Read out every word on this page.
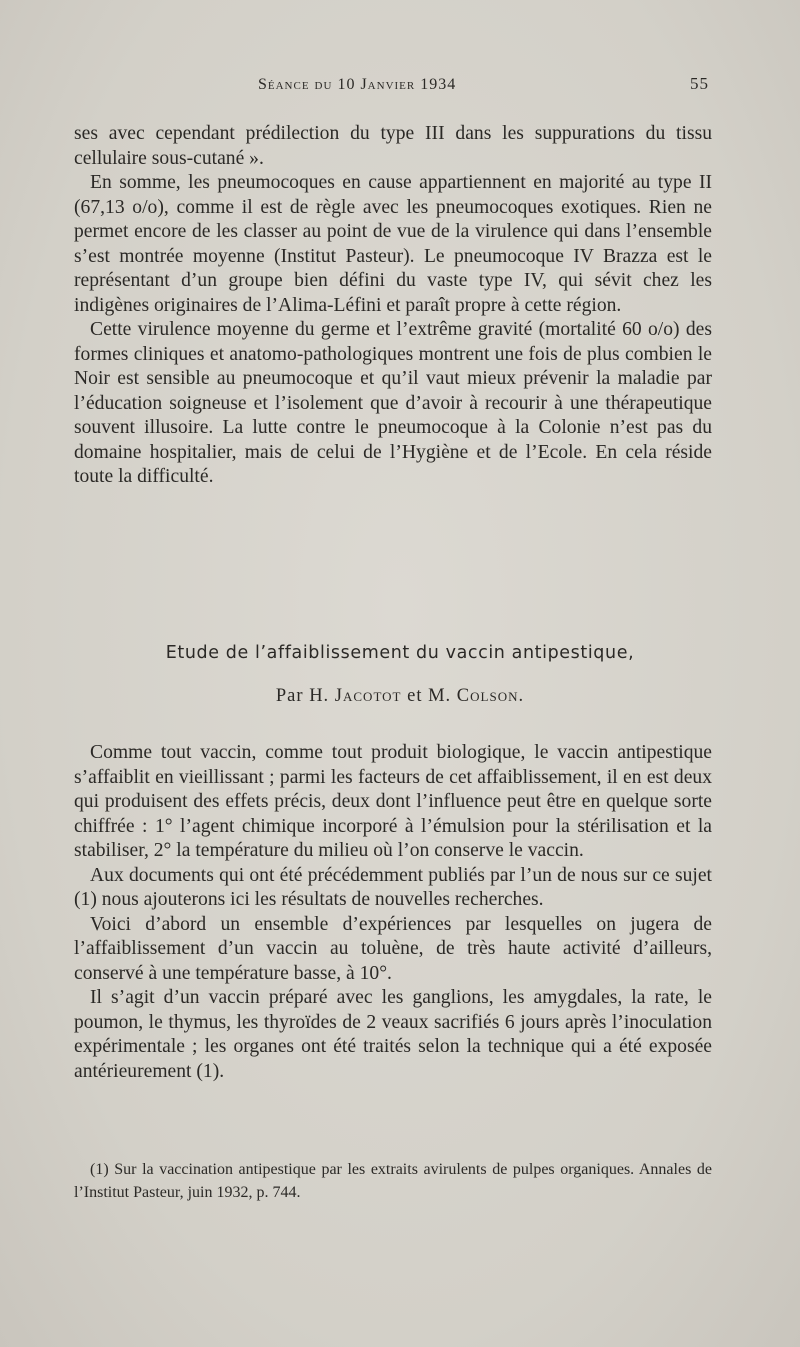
Séance du 10 Janvier 1934	55

ses avec cependant prédilection du type III dans les suppurations du tissu cellulaire sous-cutané ».

En somme, les pneumocoques en cause appartiennent en majorité au type II (67,13 o/o), comme il est de règle avec les pneumocoques exotiques. Rien ne permet encore de les classer au point de vue de la virulence qui dans l’ensemble s’est montrée moyenne (Institut Pasteur). Le pneumocoque IV Brazza est le représentant d’un groupe bien défini du vaste type IV, qui sévit chez les indigènes originaires de l’Alima-Léfini et paraît propre à cette région.

Cette virulence moyenne du germe et l’extrême gravité (mortalité 60 o/o) des formes cliniques et anatomo-pathologiques montrent une fois de plus combien le Noir est sensible au pneumocoque et qu’il vaut mieux prévenir la maladie par l’éducation soigneuse et l’isolement que d’avoir à recourir à une thérapeutique souvent illusoire. La lutte contre le pneumocoque à la Colonie n’est pas du domaine hospitalier, mais de celui de l’Hygiène et de l’Ecole. En cela réside toute la difficulté.

Etude de l’affaiblissement du vaccin antipestique,
Par H. Jacotot et M. Colson.

Comme tout vaccin, comme tout produit biologique, le vaccin antipestique s’affaiblit en vieillissant ; parmi les facteurs de cet affaiblissement, il en est deux qui produisent des effets précis, deux dont l’influence peut être en quelque sorte chiffrée : 1° l’agent chimique incorporé à l’émulsion pour la stérilisation et la stabiliser, 2° la température du milieu où l’on conserve le vaccin.

Aux documents qui ont été précédemment publiés par l’un de nous sur ce sujet (1) nous ajouterons ici les résultats de nouvelles recherches.

Voici d’abord un ensemble d’expériences par lesquelles on jugera de l’affaiblissement d’un vaccin au toluène, de très haute activité d’ailleurs, conservé à une température basse, à 10°.

Il s’agit d’un vaccin préparé avec les ganglions, les amygdales, la rate, le poumon, le thymus, les thyroïdes de 2 veaux sacrifiés 6 jours après l’inoculation expérimentale ; les organes ont été traités selon la technique qui a été exposée antérieurement (1).

(1) Sur la vaccination antipestique par les extraits avirulents de pulpes organiques. Annales de l’Institut Pasteur, juin 1932, p. 744.
